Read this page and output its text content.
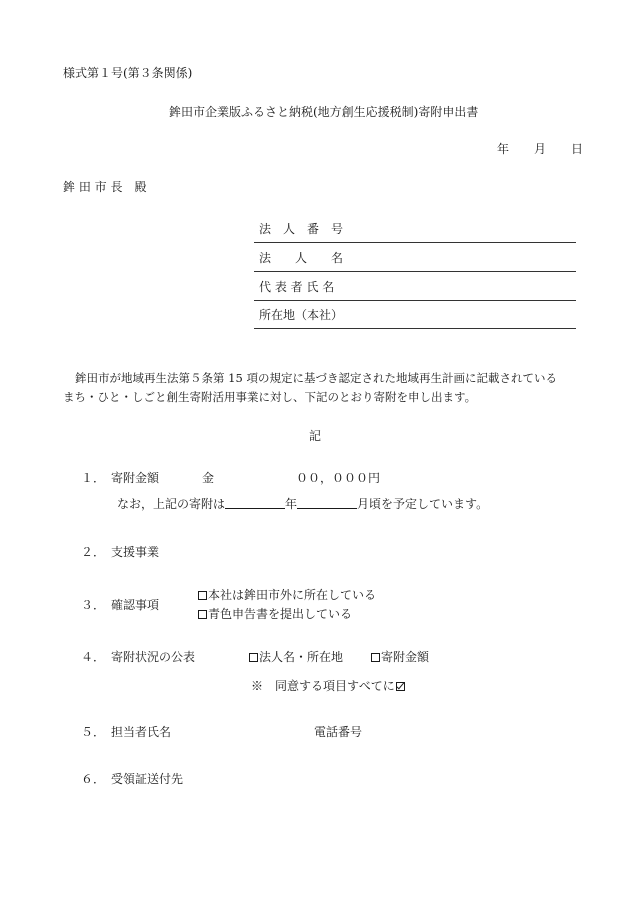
様式第１号(第３条関係)
鉾田市企業版ふるさと納税(地方創生応援税制)寄附申出書
年 月 日
鉾 田 市 長　殿
法　人　番　号
法　　人　　名
代 表 者 氏 名
所在地（本社）
鉾田市が地域再生法第５条第 15 項の規定に基づき認定された地域再生計画に記載されている
まち・ひと・しごと創生寄附活用事業に対し、下記のとおり寄附を申し出ます。
記
１． 寄附金額	金	００，０００円
なお，上記の寄附は	年	月頃を予定しています。
２． 支援事業
３． 確認事項
本社は鉾田市外に所在している
青色申告書を提出している
４． 寄附状況の公表	法人名・所在地	寄附金額
※　同意する項目すべてに
５． 担当者氏名	電話番号
６． 受領証送付先
